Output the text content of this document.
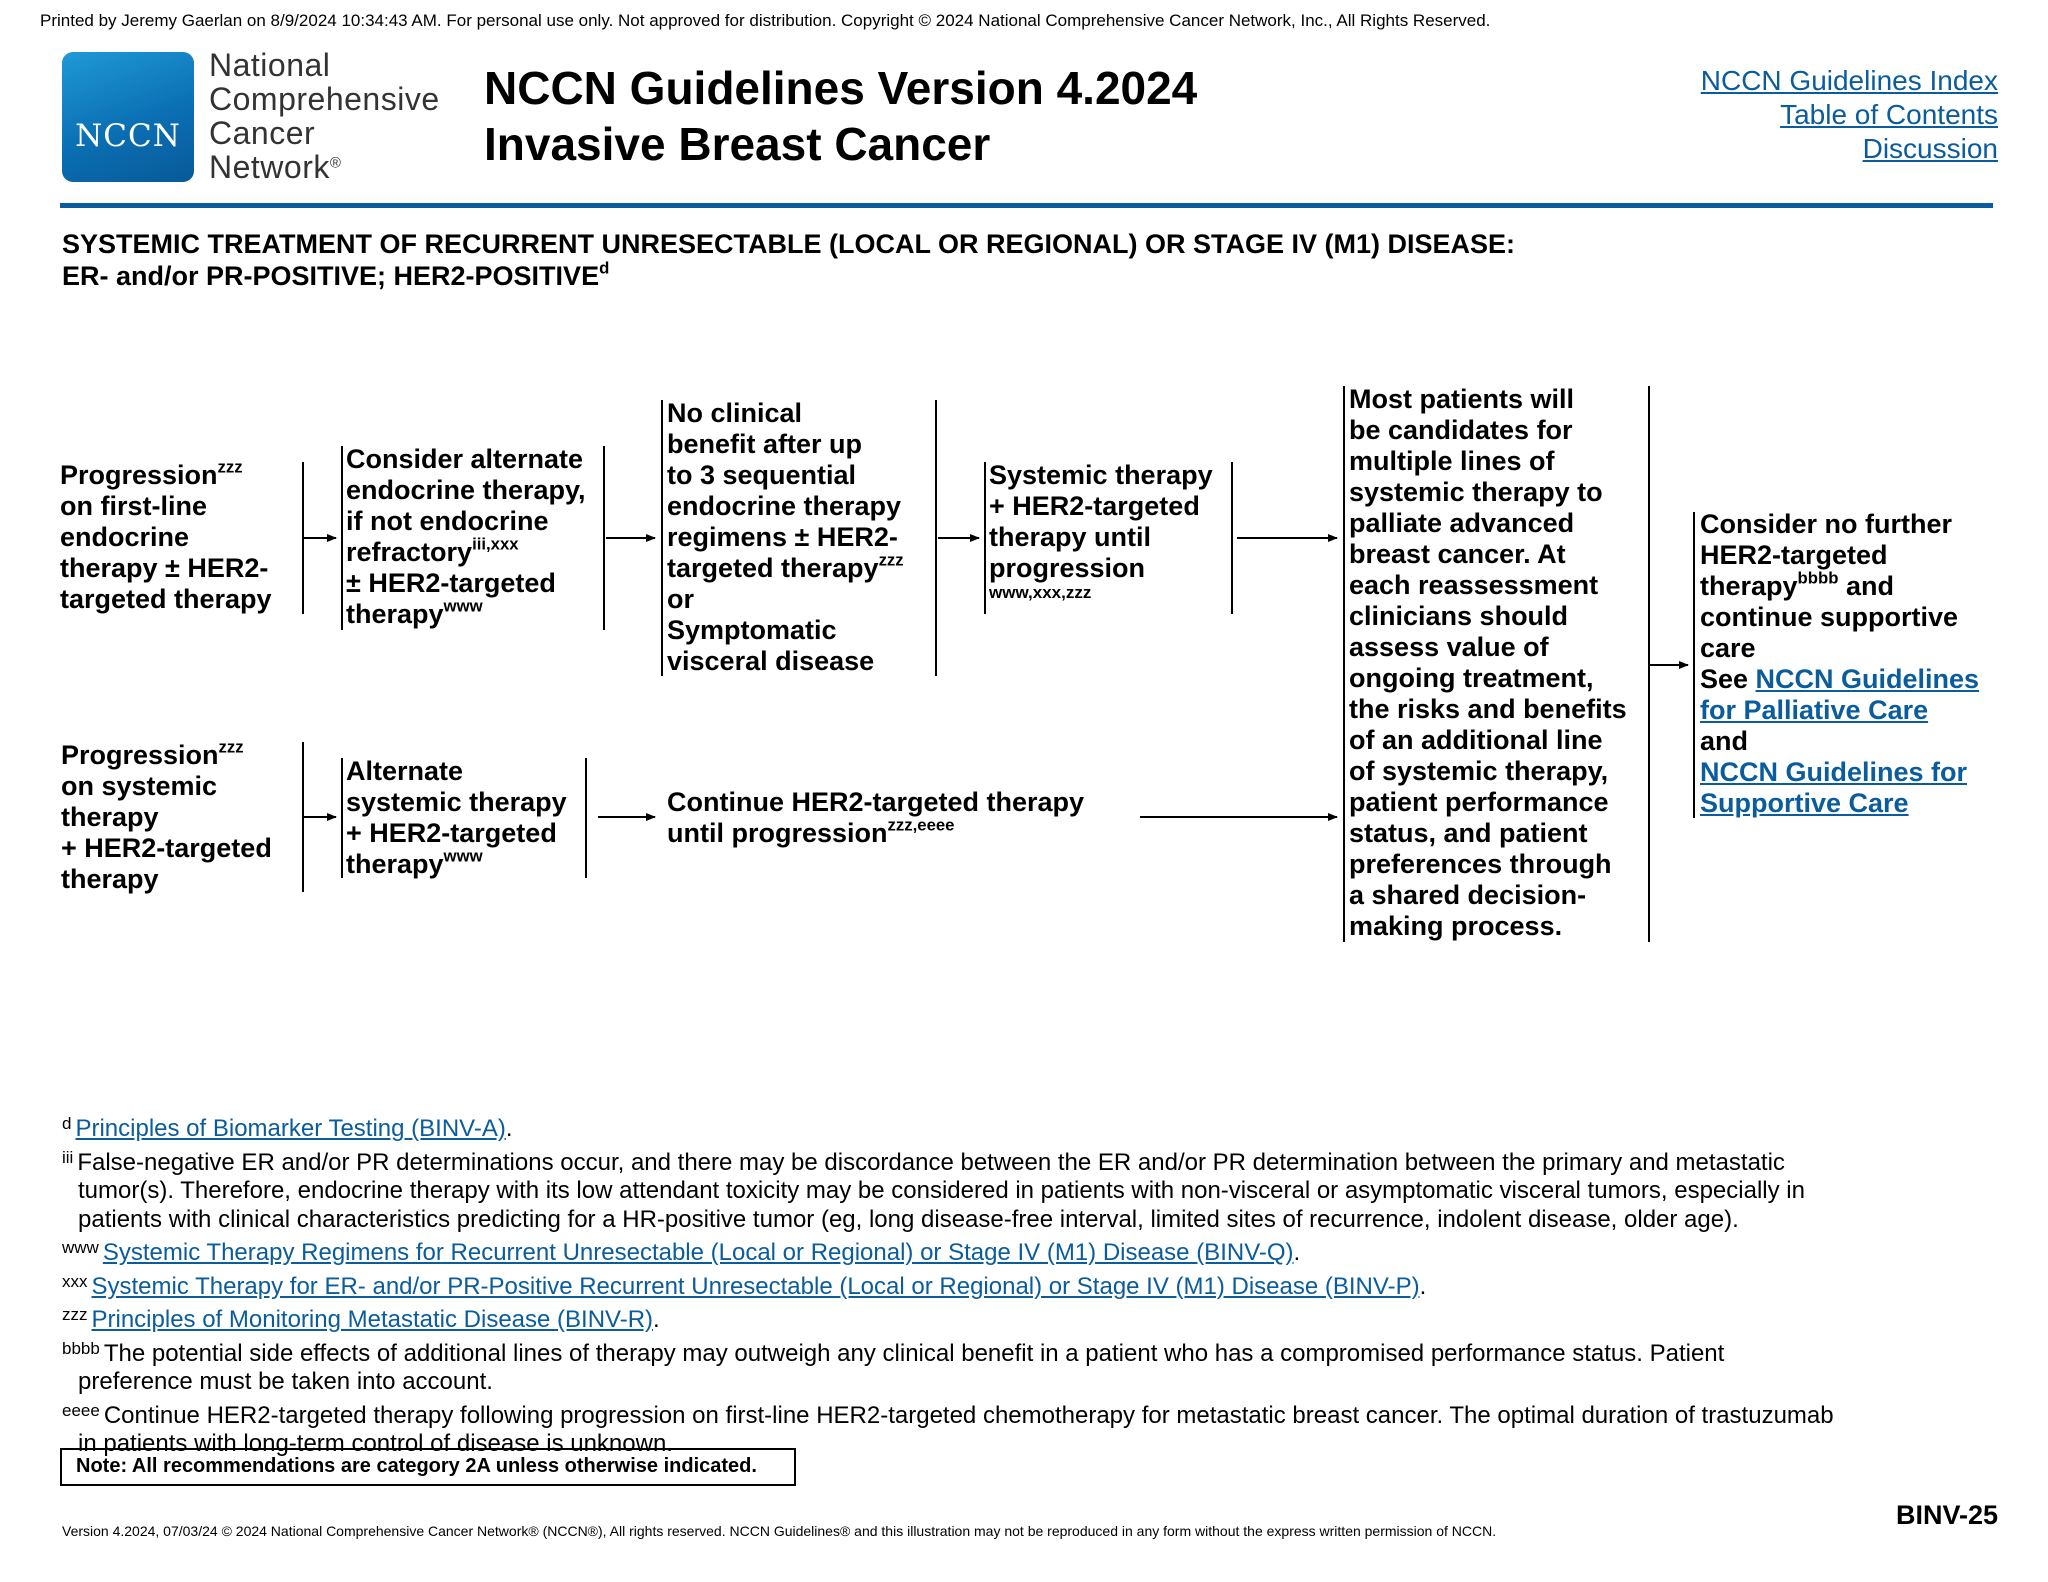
Printed by Jeremy Gaerlan on 8/9/2024 10:34:43 AM. For personal use only. Not approved for distribution. Copyright © 2024 National Comprehensive Cancer Network, Inc., All Rights Reserved.
NCCN
National
Comprehensive
Cancer
Network®
NCCN Guidelines Version 4.2024
Invasive Breast Cancer
NCCN Guidelines Index
Table of Contents
Discussion
SYSTEMIC TREATMENT OF RECURRENT UNRESECTABLE (LOCAL OR REGIONAL) OR STAGE IV (M1) DISEASE:
ER- and/or PR-POSITIVE; HER2-POSITIVE$^d$
Progression$^{zzz}$
on first-line
endocrine
therapy ± HER2-
targeted therapy
Consider alternate
endocrine therapy,
if not endocrine
refractory$^{iii,xxx}$
± HER2-targeted
therapy$^{www}$
No clinical
benefit after up
to 3 sequential
endocrine therapy
regimens ± HER2-
targeted therapy$^{zzz}$
or
Symptomatic
visceral disease
Systemic therapy
+ HER2-targeted
therapy until
progression
www,xxx,zzz
Progression$^{zzz}$
on systemic
therapy
+ HER2-targeted
therapy
Alternate
systemic therapy
+ HER2-targeted
therapy$^{www}$
Continue HER2-targeted therapy
until progression$^{zzz,eeee}$
Most patients will
be candidates for
multiple lines of
systemic therapy to
palliate advanced
breast cancer. At
each reassessment
clinicians should
assess value of
ongoing treatment,
the risks and benefits
of an additional line
of systemic therapy,
patient performance
status, and patient
preferences through
a shared decision-
making process.
Consider no further
HER2-targeted
therapy$^{bbbb}$ and
continue supportive
care
See NCCN Guidelines
for Palliative Care
and
NCCN Guidelines for
Supportive Care
$^d$ Principles of Biomarker Testing (BINV-A).
$^{iii}$ False-negative ER and/or PR determinations occur, and there may be discordance between the ER and/or PR determination between the primary and metastatic
tumor(s). Therefore, endocrine therapy with its low attendant toxicity may be considered in patients with non-visceral or asymptomatic visceral tumors, especially in
patients with clinical characteristics predicting for a HR-positive tumor (eg, long disease-free interval, limited sites of recurrence, indolent disease, older age).
$^{www}$ Systemic Therapy Regimens for Recurrent Unresectable (Local or Regional) or Stage IV (M1) Disease (BINV-Q).
$^{xxx}$ Systemic Therapy for ER- and/or PR-Positive Recurrent Unresectable (Local or Regional) or Stage IV (M1) Disease (BINV-P).
$^{zzz}$ Principles of Monitoring Metastatic Disease (BINV-R).
$^{bbbb}$ The potential side effects of additional lines of therapy may outweigh any clinical benefit in a patient who has a compromised performance status. Patient
preference must be taken into account.
$^{eeee}$ Continue HER2-targeted therapy following progression on first-line HER2-targeted chemotherapy for metastatic breast cancer. The optimal duration of trastuzumab
in patients with long-term control of disease is unknown.
Note: All recommendations are category 2A unless otherwise indicated.
BINV-25
Version 4.2024, 07/03/24 © 2024 National Comprehensive Cancer Network® (NCCN®), All rights reserved. NCCN Guidelines® and this illustration may not be reproduced in any form without the express written permission of NCCN.
